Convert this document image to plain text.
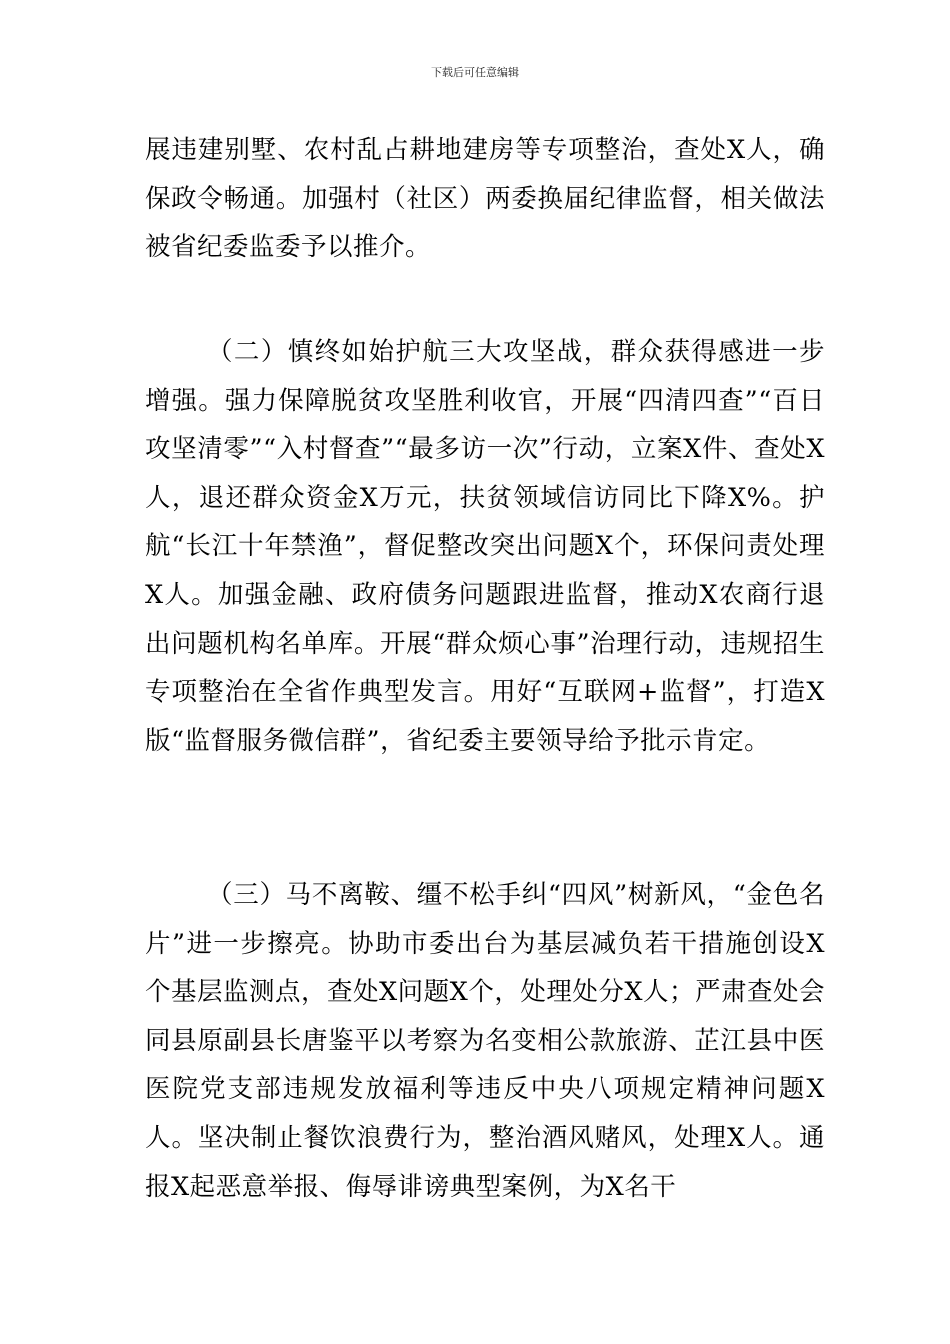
下载后可任意编辑

展违建别墅、农村乱占耕地建房等专项整治，查处X人，确保政令畅通。加强村（社区）两委换届纪律监督，相关做法被省纪委监委予以推介。

（二）慎终如始护航三大攻坚战，群众获得感进一步增强。强力保障脱贫攻坚胜利收官，开展“四清四查”“百日攻坚清零”“入村督查”“最多访一次”行动，立案X件、查处X人，退还群众资金X万元，扶贫领域信访同比下降X%。护航“长江十年禁渔”，督促整改突出问题X个，环保问责处理X人。加强金融、政府债务问题跟进监督，推动X农商行退出问题机构名单库。开展“群众烦心事”治理行动，违规招生专项整治在全省作典型发言。用好“互联网+监督”，打造X版“监督服务微信群”，省纪委主要领导给予批示肯定。

（三）马不离鞍、缰不松手纠“四风”树新风，“金色名片”进一步擦亮。协助市委出台为基层减负若干措施创设X个基层监测点，查处X问题X个，处理处分X人；严肃查处会同县原副县长唐鉴平以考察为名变相公款旅游、芷江县中医医院党支部违规发放福利等违反中央八项规定精神问题X人。坚决制止餐饮浪费行为，整治酒风赌风，处理X人。通报X起恶意举报、侮辱诽谤典型案例，为X名干
